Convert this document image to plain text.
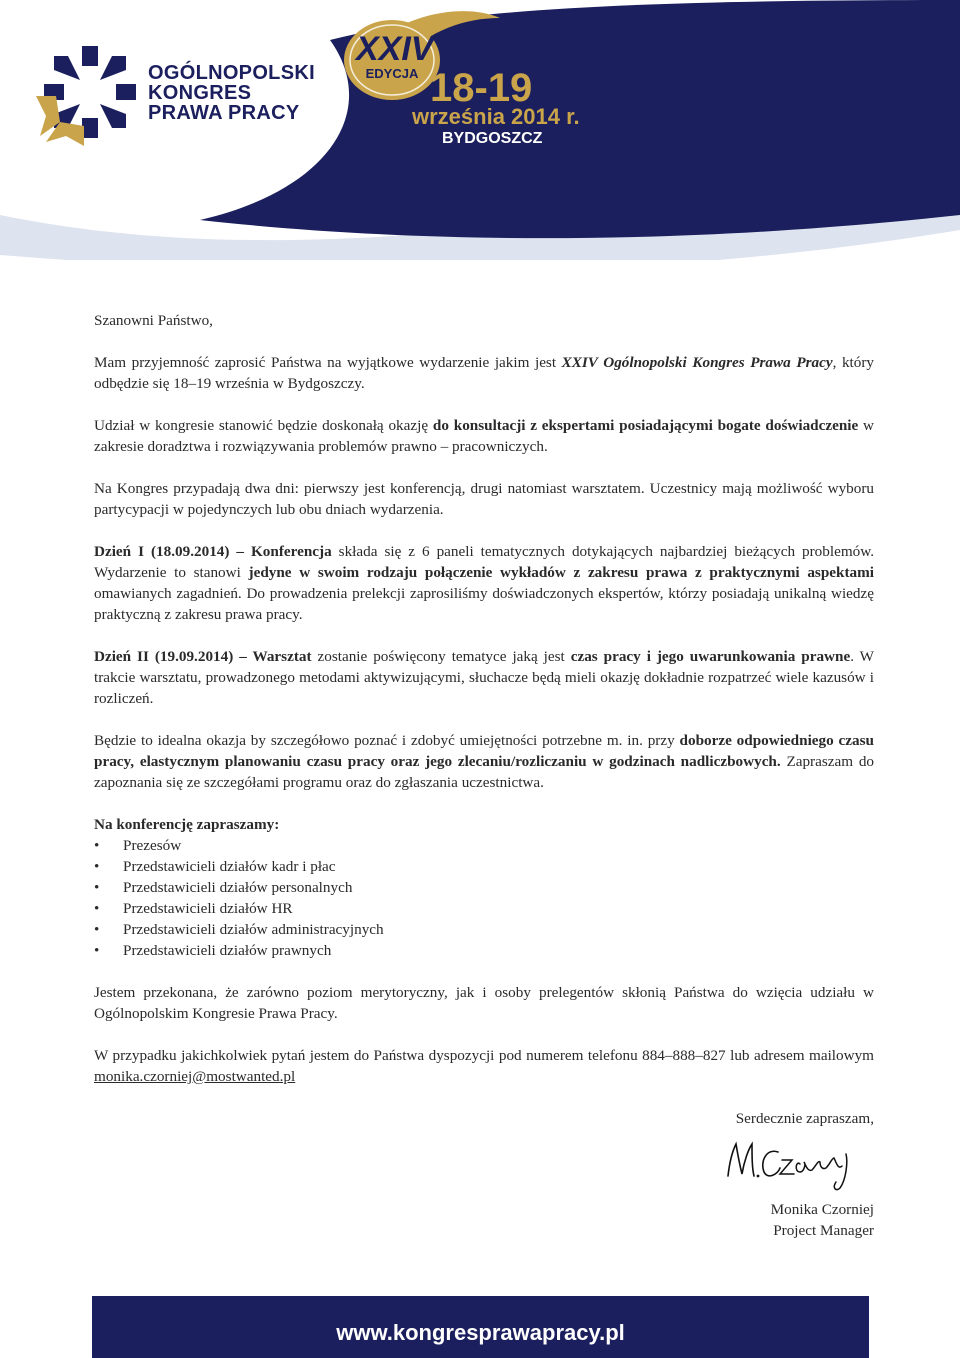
OGÓLNOPOLSKI
KONGRES
PRAWA PRACY
XXIV
EDYCJA 18-19
września 2014 r.
BYDGOSZCZ

Szanowni Państwo,

Mam przyjemność zaprosić Państwa na wyjątkowe wydarzenie jakim jest XXIV Ogólnopolski Kongres Prawa Pracy, który odbędzie się 18–19 września w Bydgoszczy.

Udział w kongresie stanowić będzie doskonałą okazję do konsultacji z ekspertami posiadającymi bogate doświadczenie w zakresie doradztwa i rozwiązywania problemów prawno – pracowniczych.

Na Kongres przypadają dwa dni: pierwszy jest konferencją, drugi natomiast warsztatem. Uczestnicy mają możliwość wyboru partycypacji w pojedynczych lub obu dniach wydarzenia.

Dzień I (18.09.2014) – Konferencja składa się z 6 paneli tematycznych dotykających najbardziej bieżących problemów. Wydarzenie to stanowi jedyne w swoim rodzaju połączenie wykładów z zakresu prawa z praktycznymi aspektami omawianych zagadnień. Do prowadzenia prelekcji zaprosiliśmy doświadczonych ekspertów, którzy posiadają unikalną wiedzę praktyczną z zakresu prawa pracy.

Dzień II (19.09.2014) – Warsztat zostanie poświęcony tematyce jaką jest czas pracy i jego uwarunkowania prawne. W trakcie warsztatu, prowadzonego metodami aktywizującymi, słuchacze będą mieli okazję dokładnie rozpatrzeć wiele kazusów i rozliczeń.

Będzie to idealna okazja by szczegółowo poznać i zdobyć umiejętności potrzebne m. in. przy doborze odpowiedniego czasu pracy, elastycznym planowaniu czasu pracy oraz jego zlecaniu/rozliczaniu w godzinach nadliczbowych. Zapraszam do zapoznania się ze szczegółami programu oraz do zgłaszania uczestnictwa.

Na konferencję zapraszamy:

• Prezesów
• Przedstawicieli działów kadr i płac
• Przedstawicieli działów personalnych
• Przedstawicieli działów HR
• Przedstawicieli działów administracyjnych
• Przedstawicieli działów prawnych

Jestem przekonana, że zarówno poziom merytoryczny, jak i osoby prelegentów skłonią Państwa do wzięcia udziału w Ogólnopolskim Kongresie Prawa Pracy.

W przypadku jakichkolwiek pytań jestem do Państwa dyspozycji pod numerem telefonu 884–888–827 lub adresem mailowym monika.czorniej@mostwanted.pl

Serdecznie zapraszam,
Monika Czorniej
Project Manager
www.kongresprawapracy.pl
